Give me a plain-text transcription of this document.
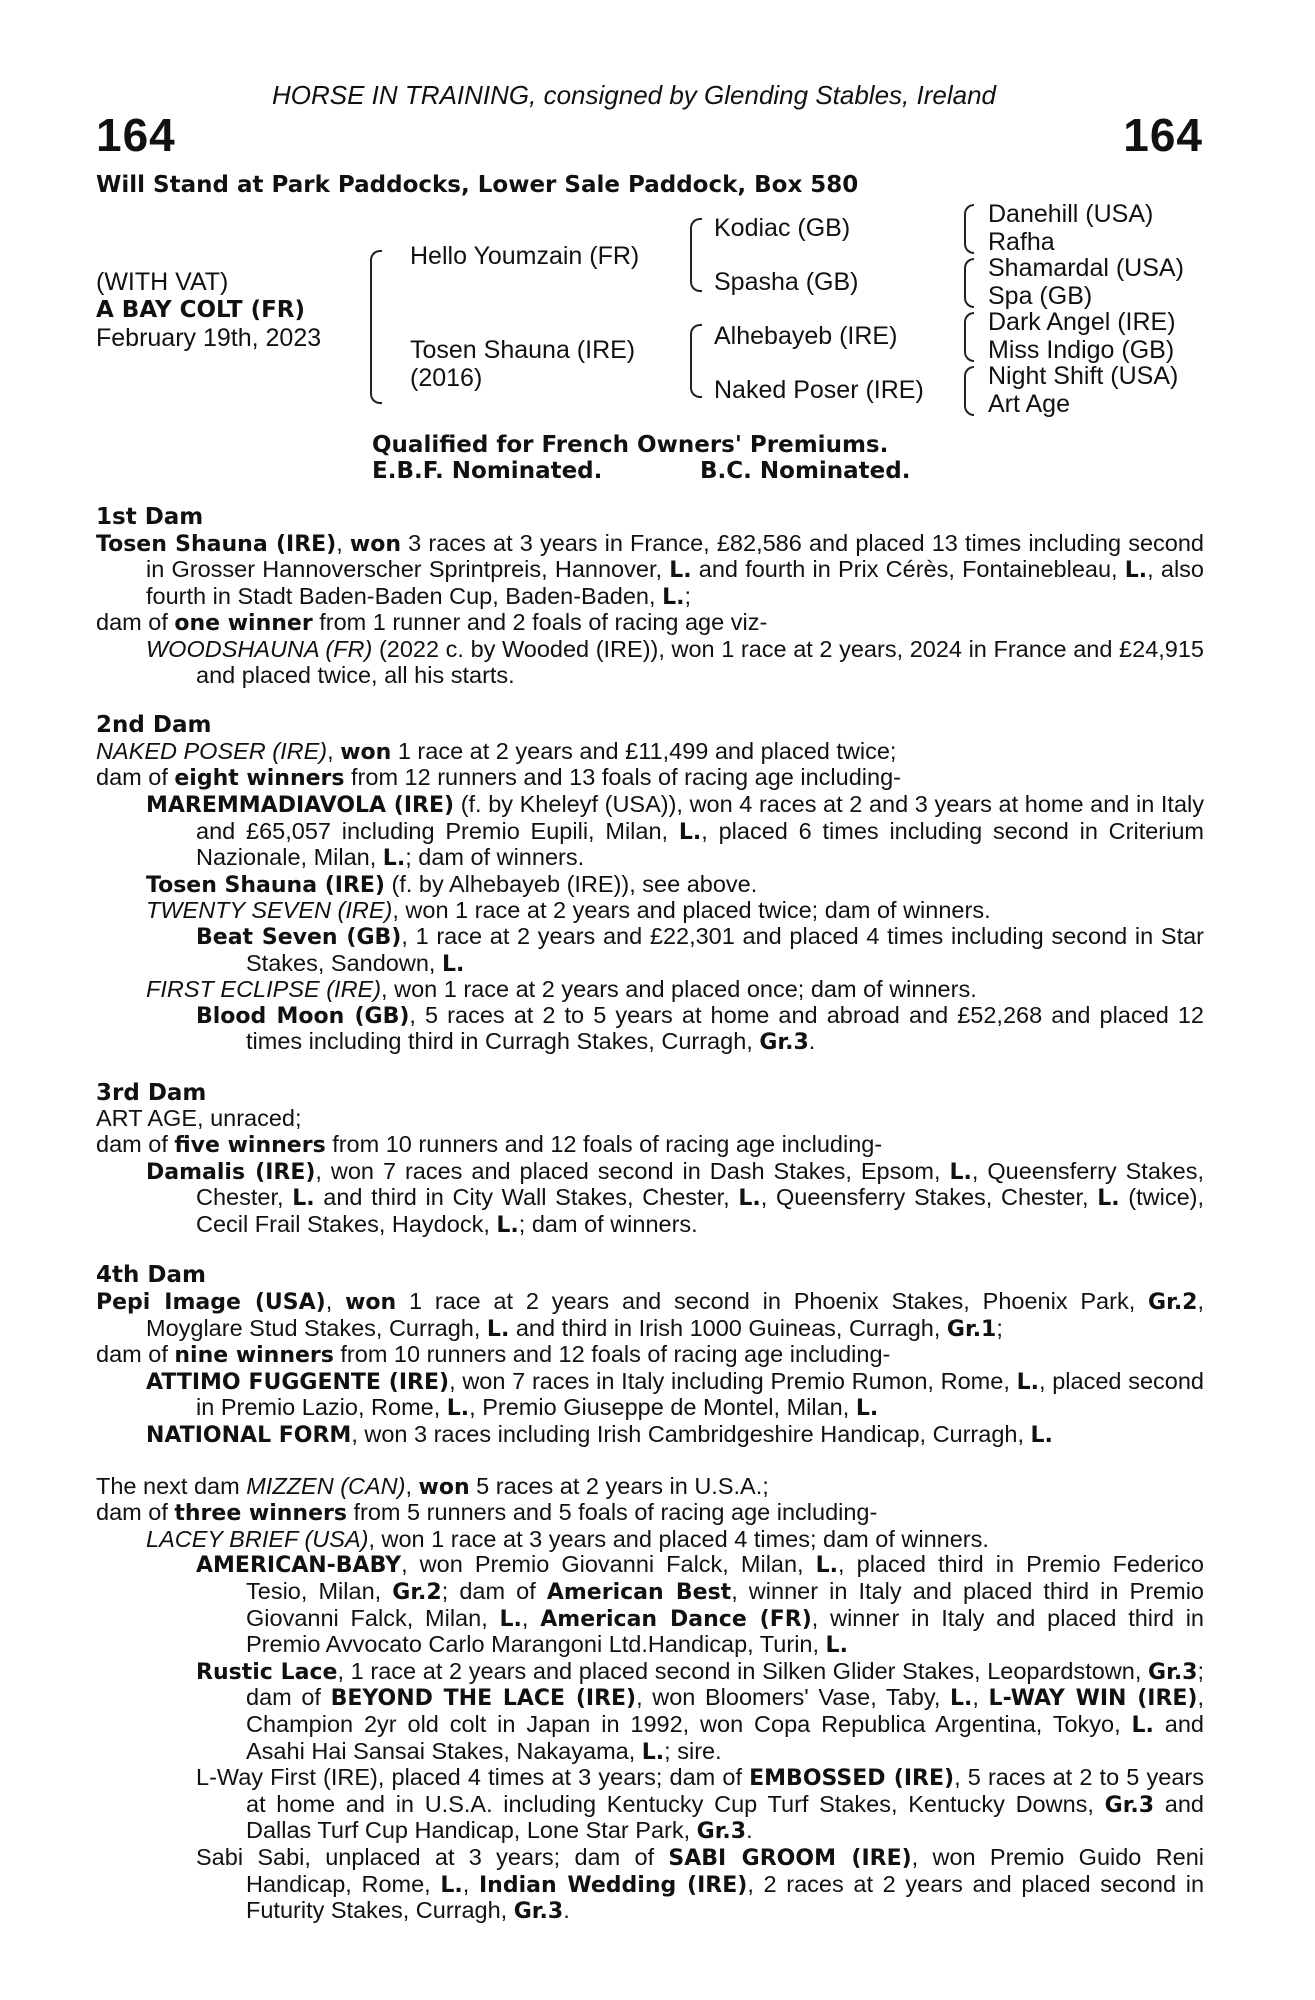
HORSE IN TRAINING, consigned by Glending Stables, Ireland
164	164
Will Stand at Park Paddocks, Lower Sale Paddock, Box 580
(WITH VAT)
A BAY COLT (FR)
February 19th, 2023
Hello Youmzain (FR)
Tosen Shauna (IRE)
(2016)
Kodiac (GB)
Spasha (GB)
Alhebayeb (IRE)
Naked Poser (IRE)
Danehill (USA)
Rafha
Shamardal (USA)
Spa (GB)
Dark Angel (IRE)
Miss Indigo (GB)
Night Shift (USA)
Art Age
Qualified for French Owners' Premiums.
E.B.F. Nominated.	B.C. Nominated.
1st Dam
Tosen Shauna (IRE), won 3 races at 3 years in France, £82,586 and placed 13 times including second in Grosser Hannoverscher Sprintpreis, Hannover, L. and fourth in Prix Cérès, Fontainebleau, L., also fourth in Stadt Baden-Baden Cup, Baden-Baden, L.;
dam of one winner from 1 runner and 2 foals of racing age viz-
WOODSHAUNA (FR) (2022 c. by Wooded (IRE)), won 1 race at 2 years, 2024 in France and £24,915 and placed twice, all his starts.
2nd Dam
NAKED POSER (IRE), won 1 race at 2 years and £11,499 and placed twice;
dam of eight winners from 12 runners and 13 foals of racing age including-
MAREMMADIAVOLA (IRE) (f. by Kheleyf (USA)), won 4 races at 2 and 3 years at home and in Italy and £65,057 including Premio Eupili, Milan, L., placed 6 times including second in Criterium Nazionale, Milan, L.; dam of winners.
Tosen Shauna (IRE) (f. by Alhebayeb (IRE)), see above.
TWENTY SEVEN (IRE), won 1 race at 2 years and placed twice; dam of winners.
Beat Seven (GB), 1 race at 2 years and £22,301 and placed 4 times including second in Star Stakes, Sandown, L.
FIRST ECLIPSE (IRE), won 1 race at 2 years and placed once; dam of winners.
Blood Moon (GB), 5 races at 2 to 5 years at home and abroad and £52,268 and placed 12 times including third in Curragh Stakes, Curragh, Gr.3.
3rd Dam
ART AGE, unraced;
dam of five winners from 10 runners and 12 foals of racing age including-
Damalis (IRE), won 7 races and placed second in Dash Stakes, Epsom, L., Queensferry Stakes, Chester, L. and third in City Wall Stakes, Chester, L., Queensferry Stakes, Chester, L. (twice), Cecil Frail Stakes, Haydock, L.; dam of winners.
4th Dam
Pepi Image (USA), won 1 race at 2 years and second in Phoenix Stakes, Phoenix Park, Gr.2, Moyglare Stud Stakes, Curragh, L. and third in Irish 1000 Guineas, Curragh, Gr.1;
dam of nine winners from 10 runners and 12 foals of racing age including-
ATTIMO FUGGENTE (IRE), won 7 races in Italy including Premio Rumon, Rome, L., placed second in Premio Lazio, Rome, L., Premio Giuseppe de Montel, Milan, L.
NATIONAL FORM, won 3 races including Irish Cambridgeshire Handicap, Curragh, L.
The next dam MIZZEN (CAN), won 5 races at 2 years in U.S.A.;
dam of three winners from 5 runners and 5 foals of racing age including-
LACEY BRIEF (USA), won 1 race at 3 years and placed 4 times; dam of winners.
AMERICAN-BABY, won Premio Giovanni Falck, Milan, L., placed third in Premio Federico Tesio, Milan, Gr.2; dam of American Best, winner in Italy and placed third in Premio Giovanni Falck, Milan, L., American Dance (FR), winner in Italy and placed third in Premio Avvocato Carlo Marangoni Ltd.Handicap, Turin, L.
Rustic Lace, 1 race at 2 years and placed second in Silken Glider Stakes, Leopardstown, Gr.3; dam of BEYOND THE LACE (IRE), won Bloomers' Vase, Taby, L., L-WAY WIN (IRE), Champion 2yr old colt in Japan in 1992, won Copa Republica Argentina, Tokyo, L. and Asahi Hai Sansai Stakes, Nakayama, L.; sire.
L-Way First (IRE), placed 4 times at 3 years; dam of EMBOSSED (IRE), 5 races at 2 to 5 years at home and in U.S.A. including Kentucky Cup Turf Stakes, Kentucky Downs, Gr.3 and Dallas Turf Cup Handicap, Lone Star Park, Gr.3.
Sabi Sabi, unplaced at 3 years; dam of SABI GROOM (IRE), won Premio Guido Reni Handicap, Rome, L., Indian Wedding (IRE), 2 races at 2 years and placed second in Futurity Stakes, Curragh, Gr.3.
